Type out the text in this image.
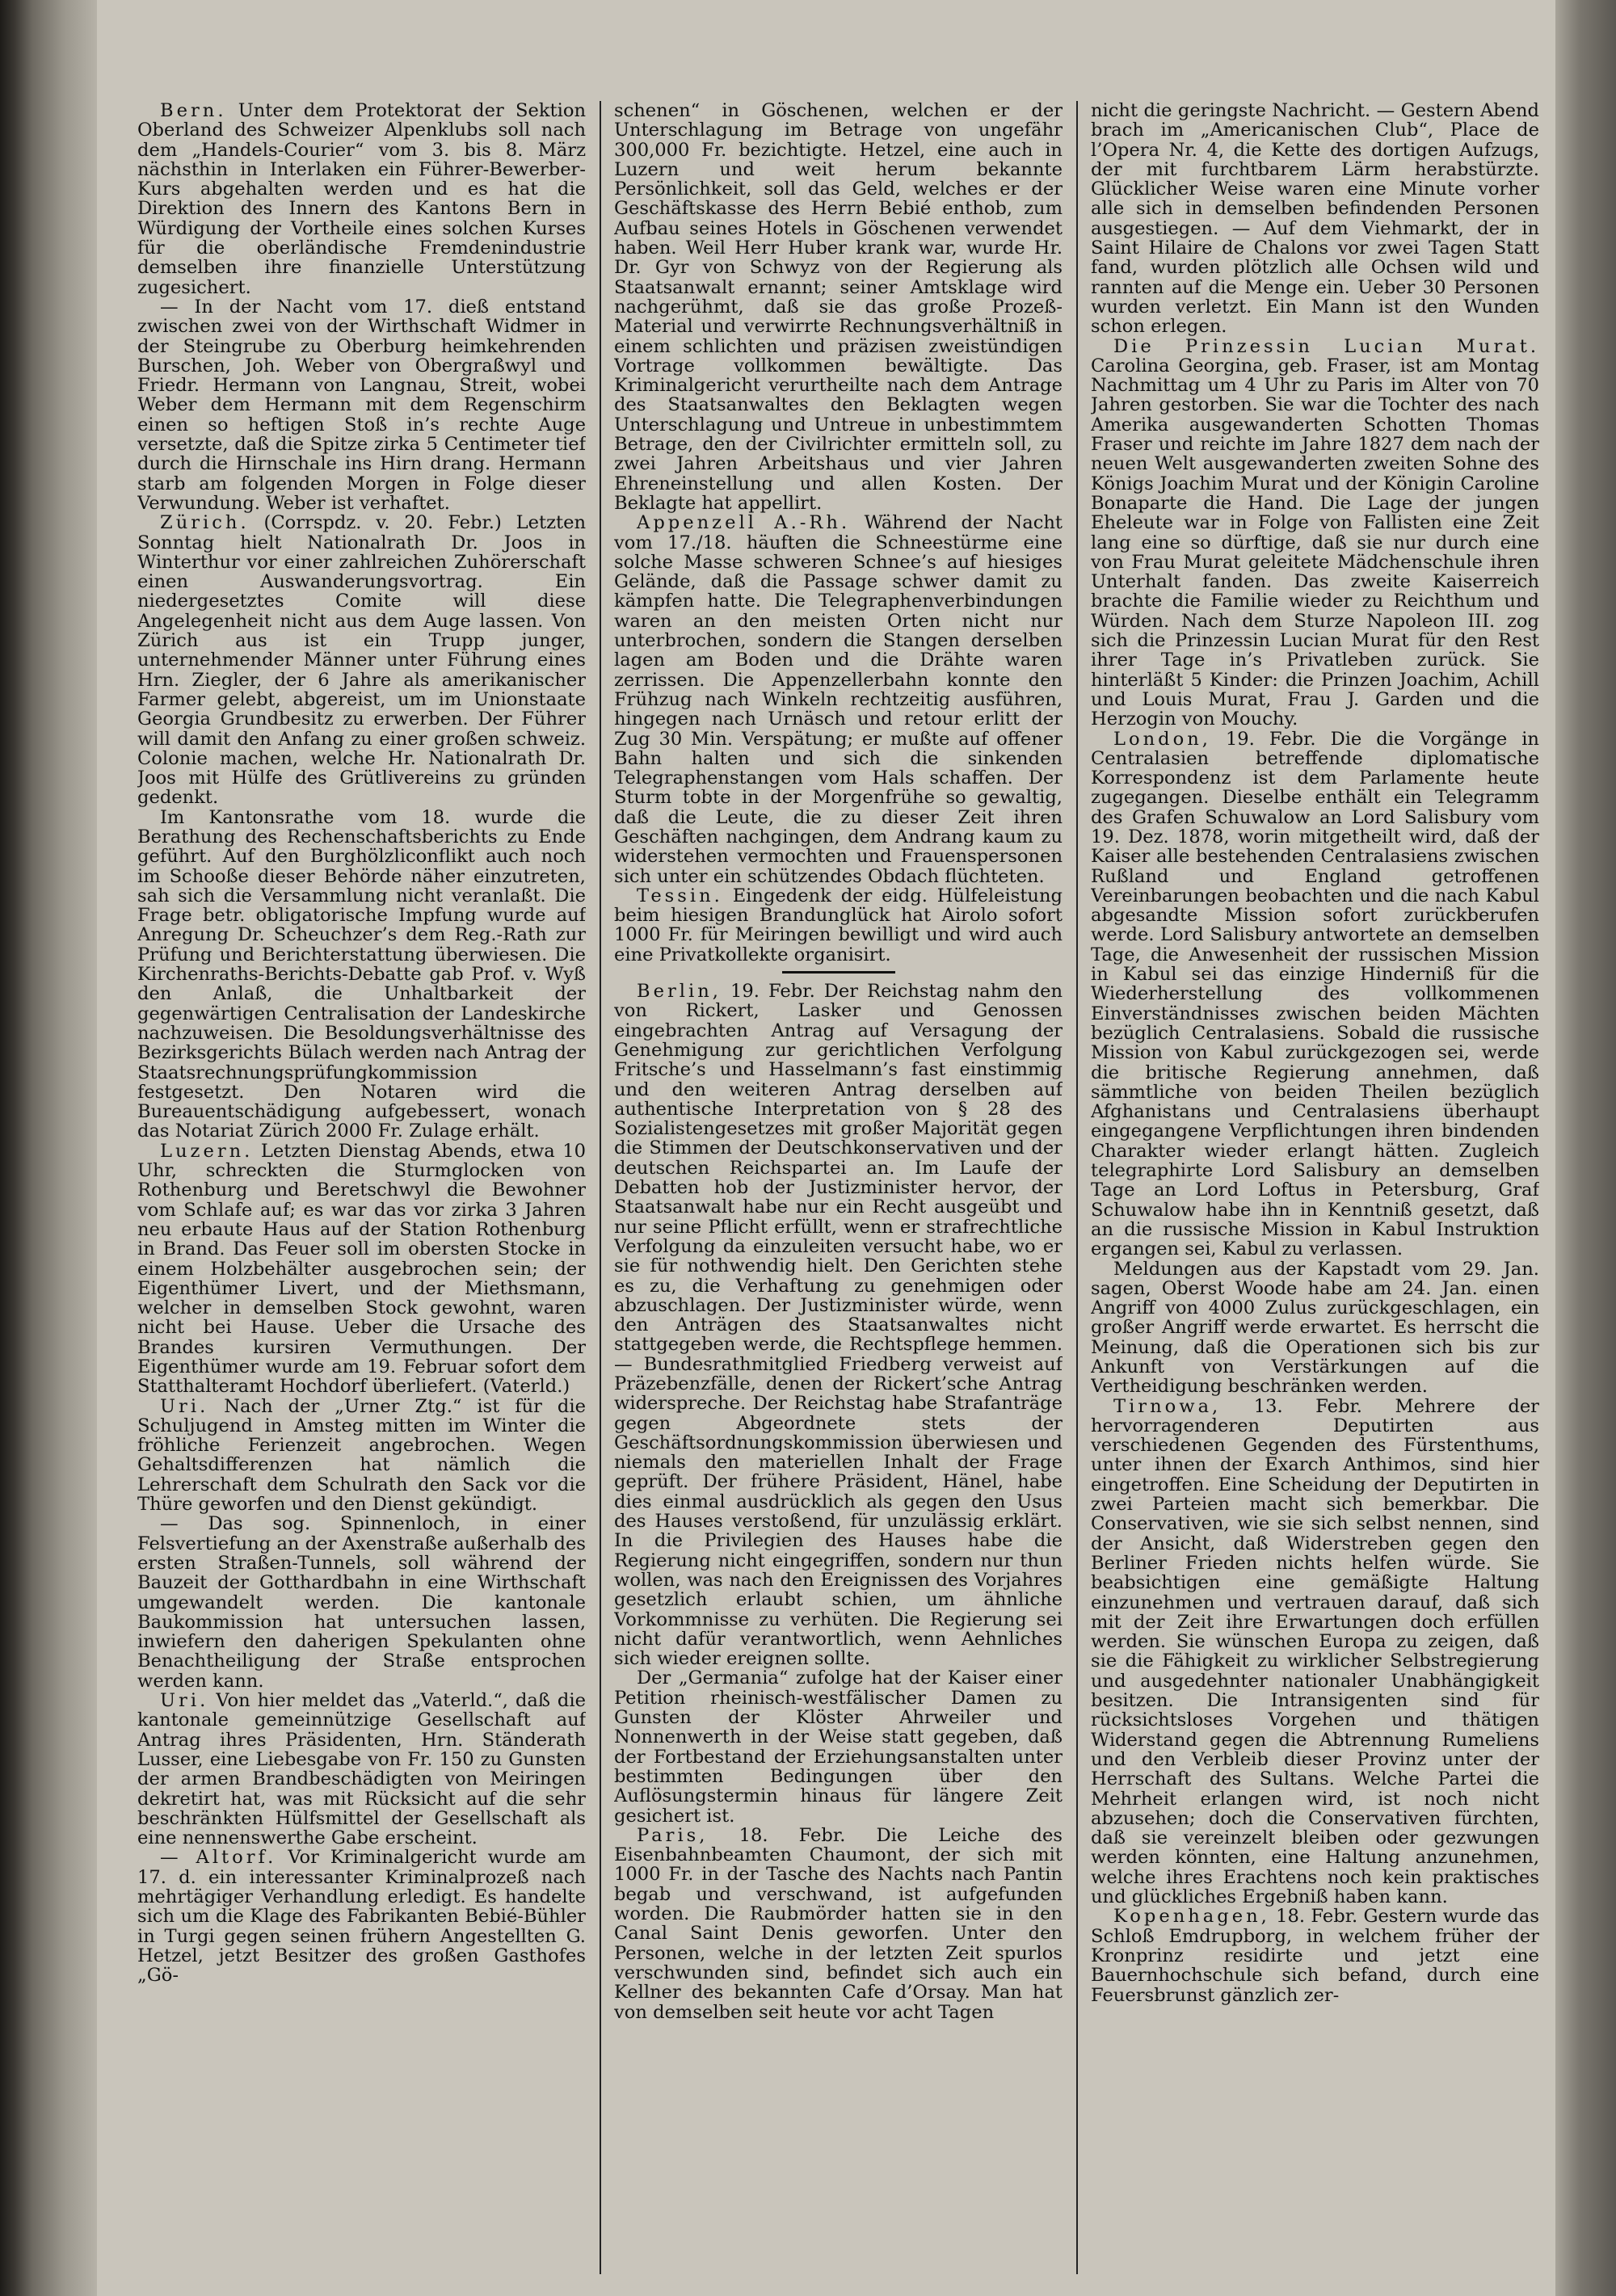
Bern. Unter dem Protektorat der Sektion Oberland des Schweizer Alpenklubs soll nach dem „Handels-Courier“ vom 3. bis 8. März nächsthin in Interlaken ein Führer-Bewerber-Kurs abgehalten werden und es hat die Direktion des Innern des Kantons Bern in Würdigung der Vortheile eines solchen Kurses für die oberländische Fremdenindustrie demselben ihre finanzielle Unterstützung zugesichert.

— In der Nacht vom 17. dieß entstand zwischen zwei von der Wirthschaft Widmer in der Steingrube zu Oberburg heimkehrenden Burschen, Joh. Weber von Obergraßwyl und Friedr. Hermann von Langnau, Streit, wobei Weber dem Hermann mit dem Regenschirm einen so heftigen Stoß in’s rechte Auge versetzte, daß die Spitze zirka 5 Centimeter tief durch die Hirnschale ins Hirn drang. Hermann starb am folgenden Morgen in Folge dieser Verwundung. Weber ist verhaftet.

Zürich. (Corrspdz. v. 20. Febr.) Letzten Sonntag hielt Nationalrath Dr. Joos in Winterthur vor einer zahlreichen Zuhörerschaft einen Auswanderungsvortrag. Ein niedergesetztes Comite will diese Angelegenheit nicht aus dem Auge lassen. Von Zürich aus ist ein Trupp junger, unternehmender Männer unter Führung eines Hrn. Ziegler, der 6 Jahre als amerikanischer Farmer gelebt, abgereist, um im Unionstaate Georgia Grundbesitz zu erwerben. Der Führer will damit den Anfang zu einer großen schweiz. Colonie machen, welche Hr. Nationalrath Dr. Joos mit Hülfe des Grütlivereins zu gründen gedenkt.

Im Kantonsrathe vom 18. wurde die Berathung des Rechenschaftsberichts zu Ende geführt. Auf den Burghölzliconflikt auch noch im Schooße dieser Behörde näher einzutreten, sah sich die Versammlung nicht veranlaßt. Die Frage betr. obligatorische Impfung wurde auf Anregung Dr. Scheuchzer’s dem Reg.-Rath zur Prüfung und Berichterstattung überwiesen. Die Kirchenraths-Berichts-Debatte gab Prof. v. Wyß den Anlaß, die Unhaltbarkeit der gegenwärtigen Centralisation der Landeskirche nachzuweisen. Die Besoldungsverhältnisse des Bezirksgerichts Bülach werden nach Antrag der Staatsrechnungsprüfungkommission festgesetzt. Den Notaren wird die Bureauentschädigung aufgebessert, wonach das Notariat Zürich 2000 Fr. Zulage erhält.

Luzern. Letzten Dienstag Abends, etwa 10 Uhr, schreckten die Sturmglocken von Rothenburg und Beretschwyl die Bewohner vom Schlafe auf; es war das vor zirka 3 Jahren neu erbaute Haus auf der Station Rothenburg in Brand. Das Feuer soll im obersten Stocke in einem Holzbehälter ausgebrochen sein; der Eigenthümer Livert, und der Miethsmann, welcher in demselben Stock gewohnt, waren nicht bei Hause. Ueber die Ursache des Brandes kursiren Vermuthungen. Der Eigenthümer wurde am 19. Februar sofort dem Statthalteramt Hochdorf überliefert. (Vaterld.)

Uri. Nach der „Urner Ztg.“ ist für die Schuljugend in Amsteg mitten im Winter die fröhliche Ferienzeit angebrochen. Wegen Gehaltsdifferenzen hat nämlich die Lehrerschaft dem Schulrath den Sack vor die Thüre geworfen und den Dienst gekündigt.

— Das sog. Spinnenloch, in einer Felsvertiefung an der Axenstraße außerhalb des ersten Straßen-Tunnels, soll während der Bauzeit der Gotthardbahn in eine Wirthschaft umgewandelt werden. Die kantonale Baukommission hat untersuchen lassen, inwiefern den daherigen Spekulanten ohne Benachtheiligung der Straße entsprochen werden kann.

Uri. Von hier meldet das „Vaterld.“, daß die kantonale gemeinnützige Gesellschaft auf Antrag ihres Präsidenten, Hrn. Ständerath Lusser, eine Liebesgabe von Fr. 150 zu Gunsten der armen Brandbeschädigten von Meiringen dekretirt hat, was mit Rücksicht auf die sehr beschränkten Hülfsmittel der Gesellschaft als eine nennenswerthe Gabe erscheint.

— Altorf. Vor Kriminalgericht wurde am 17. d. ein interessanter Kriminalprozeß nach mehrtägiger Verhandlung erledigt. Es handelte sich um die Klage des Fabrikanten Bebié-Bühler in Turgi gegen seinen frühern Angestellten G. Hetzel, jetzt Besitzer des großen Gasthofes „Gö-

schenen“ in Göschenen, welchen er der Unterschlagung im Betrage von ungefähr 300,000 Fr. bezichtigte. Hetzel, eine auch in Luzern und weit herum bekannte Persönlichkeit, soll das Geld, welches er der Geschäftskasse des Herrn Bebié enthob, zum Aufbau seines Hotels in Göschenen verwendet haben. Weil Herr Huber krank war, wurde Hr. Dr. Gyr von Schwyz von der Regierung als Staatsanwalt ernannt; seiner Amtsklage wird nachgerühmt, daß sie das große Prozeß-Material und verwirrte Rechnungsverhältniß in einem schlichten und präzisen zweistündigen Vortrage vollkommen bewältigte. Das Kriminalgericht verurtheilte nach dem Antrage des Staatsanwaltes den Beklagten wegen Unterschlagung und Untreue in unbestimmtem Betrage, den der Civilrichter ermitteln soll, zu zwei Jahren Arbeitshaus und vier Jahren Ehreneinstellung und allen Kosten. Der Beklagte hat appellirt.

Appenzell A.-Rh. Während der Nacht vom 17./18. häuften die Schneestürme eine solche Masse schweren Schnee’s auf hiesiges Gelände, daß die Passage schwer damit zu kämpfen hatte. Die Telegraphenverbindungen waren an den meisten Orten nicht nur unterbrochen, sondern die Stangen derselben lagen am Boden und die Drähte waren zerrissen. Die Appenzellerbahn konnte den Frühzug nach Winkeln rechtzeitig ausführen, hingegen nach Urnäsch und retour erlitt der Zug 30 Min. Verspätung; er mußte auf offener Bahn halten und sich die sinkenden Telegraphenstangen vom Hals schaffen. Der Sturm tobte in der Morgenfrühe so gewaltig, daß die Leute, die zu dieser Zeit ihren Geschäften nachgingen, dem Andrang kaum zu widerstehen vermochten und Frauenspersonen sich unter ein schützendes Obdach flüchteten.

Tessin. Eingedenk der eidg. Hülfeleistung beim hiesigen Brandunglück hat Airolo sofort 1000 Fr. für Meiringen bewilligt und wird auch eine Privatkollekte organisirt.

Berlin, 19. Febr. Der Reichstag nahm den von Rickert, Lasker und Genossen eingebrachten Antrag auf Versagung der Genehmigung zur gerichtlichen Verfolgung Fritsche’s und Hasselmann’s fast einstimmig und den weiteren Antrag derselben auf authentische Interpretation von § 28 des Sozialistengesetzes mit großer Majorität gegen die Stimmen der Deutschkonservativen und der deutschen Reichspartei an. Im Laufe der Debatten hob der Justizminister hervor, der Staatsanwalt habe nur ein Recht ausgeübt und nur seine Pflicht erfüllt, wenn er strafrechtliche Verfolgung da einzuleiten versucht habe, wo er sie für nothwendig hielt. Den Gerichten stehe es zu, die Verhaftung zu genehmigen oder abzuschlagen. Der Justizminister würde, wenn den Anträgen des Staatsanwaltes nicht stattgegeben werde, die Rechtspflege hemmen. — Bundesrathmitglied Friedberg verweist auf Präzebenzfälle, denen der Rickert’sche Antrag widerspreche. Der Reichstag habe Strafanträge gegen Abgeordnete stets der Geschäftsordnungskommission überwiesen und niemals den materiellen Inhalt der Frage geprüft. Der frühere Präsident, Hänel, habe dies einmal ausdrücklich als gegen den Usus des Hauses verstoßend, für unzulässig erklärt. In die Privilegien des Hauses habe die Regierung nicht eingegriffen, sondern nur thun wollen, was nach den Ereignissen des Vorjahres gesetzlich erlaubt schien, um ähnliche Vorkommnisse zu verhüten. Die Regierung sei nicht dafür verantwortlich, wenn Aehnliches sich wieder ereignen sollte.

Der „Germania“ zufolge hat der Kaiser einer Petition rheinisch-westfälischer Damen zu Gunsten der Klöster Ahrweiler und Nonnenwerth in der Weise statt gegeben, daß der Fortbestand der Erziehungsanstalten unter bestimmten Bedingungen über den Auflösungstermin hinaus für längere Zeit gesichert ist.

Paris, 18. Febr. Die Leiche des Eisenbahnbeamten Chaumont, der sich mit 1000 Fr. in der Tasche des Nachts nach Pantin begab und verschwand, ist aufgefunden worden. Die Raubmörder hatten sie in den Canal Saint Denis geworfen. Unter den Personen, welche in der letzten Zeit spurlos verschwunden sind, befindet sich auch ein Kellner des bekannten Cafe d’Orsay. Man hat von demselben seit heute vor acht Tagen

nicht die geringste Nachricht. — Gestern Abend brach im „Americanischen Club“, Place de l’Opera Nr. 4, die Kette des dortigen Aufzugs, der mit furchtbarem Lärm herabstürzte. Glücklicher Weise waren eine Minute vorher alle sich in demselben befindenden Personen ausgestiegen. — Auf dem Viehmarkt, der in Saint Hilaire de Chalons vor zwei Tagen Statt fand, wurden plötzlich alle Ochsen wild und rannten auf die Menge ein. Ueber 30 Personen wurden verletzt. Ein Mann ist den Wunden schon erlegen.

Die Prinzessin Lucian Murat. Carolina Georgina, geb. Fraser, ist am Montag Nachmittag um 4 Uhr zu Paris im Alter von 70 Jahren gestorben. Sie war die Tochter des nach Amerika ausgewanderten Schotten Thomas Fraser und reichte im Jahre 1827 dem nach der neuen Welt ausgewanderten zweiten Sohne des Königs Joachim Murat und der Königin Caroline Bonaparte die Hand. Die Lage der jungen Eheleute war in Folge von Fallisten eine Zeit lang eine so dürftige, daß sie nur durch eine von Frau Murat geleitete Mädchenschule ihren Unterhalt fanden. Das zweite Kaiserreich brachte die Familie wieder zu Reichthum und Würden. Nach dem Sturze Napoleon III. zog sich die Prinzessin Lucian Murat für den Rest ihrer Tage in’s Privatleben zurück. Sie hinterläßt 5 Kinder: die Prinzen Joachim, Achill und Louis Murat, Frau J. Garden und die Herzogin von Mouchy.

London, 19. Febr. Die die Vorgänge in Centralasien betreffende diplomatische Korrespondenz ist dem Parlamente heute zugegangen. Dieselbe enthält ein Telegramm des Grafen Schuwalow an Lord Salisbury vom 19. Dez. 1878, worin mitgetheilt wird, daß der Kaiser alle bestehenden Centralasiens zwischen Rußland und England getroffenen Vereinbarungen beobachten und die nach Kabul abgesandte Mission sofort zurückberufen werde. Lord Salisbury antwortete an demselben Tage, die Anwesenheit der russischen Mission in Kabul sei das einzige Hinderniß für die Wiederherstellung des vollkommenen Einverständnisses zwischen beiden Mächten bezüglich Centralasiens. Sobald die russische Mission von Kabul zurückgezogen sei, werde die britische Regierung annehmen, daß sämmtliche von beiden Theilen bezüglich Afghanistans und Centralasiens überhaupt eingegangene Verpflichtungen ihren bindenden Charakter wieder erlangt hätten. Zugleich telegraphirte Lord Salisbury an demselben Tage an Lord Loftus in Petersburg, Graf Schuwalow habe ihn in Kenntniß gesetzt, daß an die russische Mission in Kabul Instruktion ergangen sei, Kabul zu verlassen.

Meldungen aus der Kapstadt vom 29. Jan. sagen, Oberst Woode habe am 24. Jan. einen Angriff von 4000 Zulus zurückgeschlagen, ein großer Angriff werde erwartet. Es herrscht die Meinung, daß die Operationen sich bis zur Ankunft von Verstärkungen auf die Vertheidigung beschränken werden.

Tirnowa, 13. Febr. Mehrere der hervorragenderen Deputirten aus verschiedenen Gegenden des Fürstenthums, unter ihnen der Exarch Anthimos, sind hier eingetroffen. Eine Scheidung der Deputirten in zwei Parteien macht sich bemerkbar. Die Conservativen, wie sie sich selbst nennen, sind der Ansicht, daß Widerstreben gegen den Berliner Frieden nichts helfen würde. Sie beabsichtigen eine gemäßigte Haltung einzunehmen und vertrauen darauf, daß sich mit der Zeit ihre Erwartungen doch erfüllen werden. Sie wünschen Europa zu zeigen, daß sie die Fähigkeit zu wirklicher Selbstregierung und ausgedehnter nationaler Unabhängigkeit besitzen. Die Intransigenten sind für rücksichtsloses Vorgehen und thätigen Widerstand gegen die Abtrennung Rumeliens und den Verbleib dieser Provinz unter der Herrschaft des Sultans. Welche Partei die Mehrheit erlangen wird, ist noch nicht abzusehen; doch die Conservativen fürchten, daß sie vereinzelt bleiben oder gezwungen werden könnten, eine Haltung anzunehmen, welche ihres Erachtens noch kein praktisches und glückliches Ergebniß haben kann.

Kopenhagen, 18. Febr. Gestern wurde das Schloß Emdrupborg, in welchem früher der Kronprinz residirte und jetzt eine Bauernhochschule sich befand, durch eine Feuersbrunst gänzlich zer-
